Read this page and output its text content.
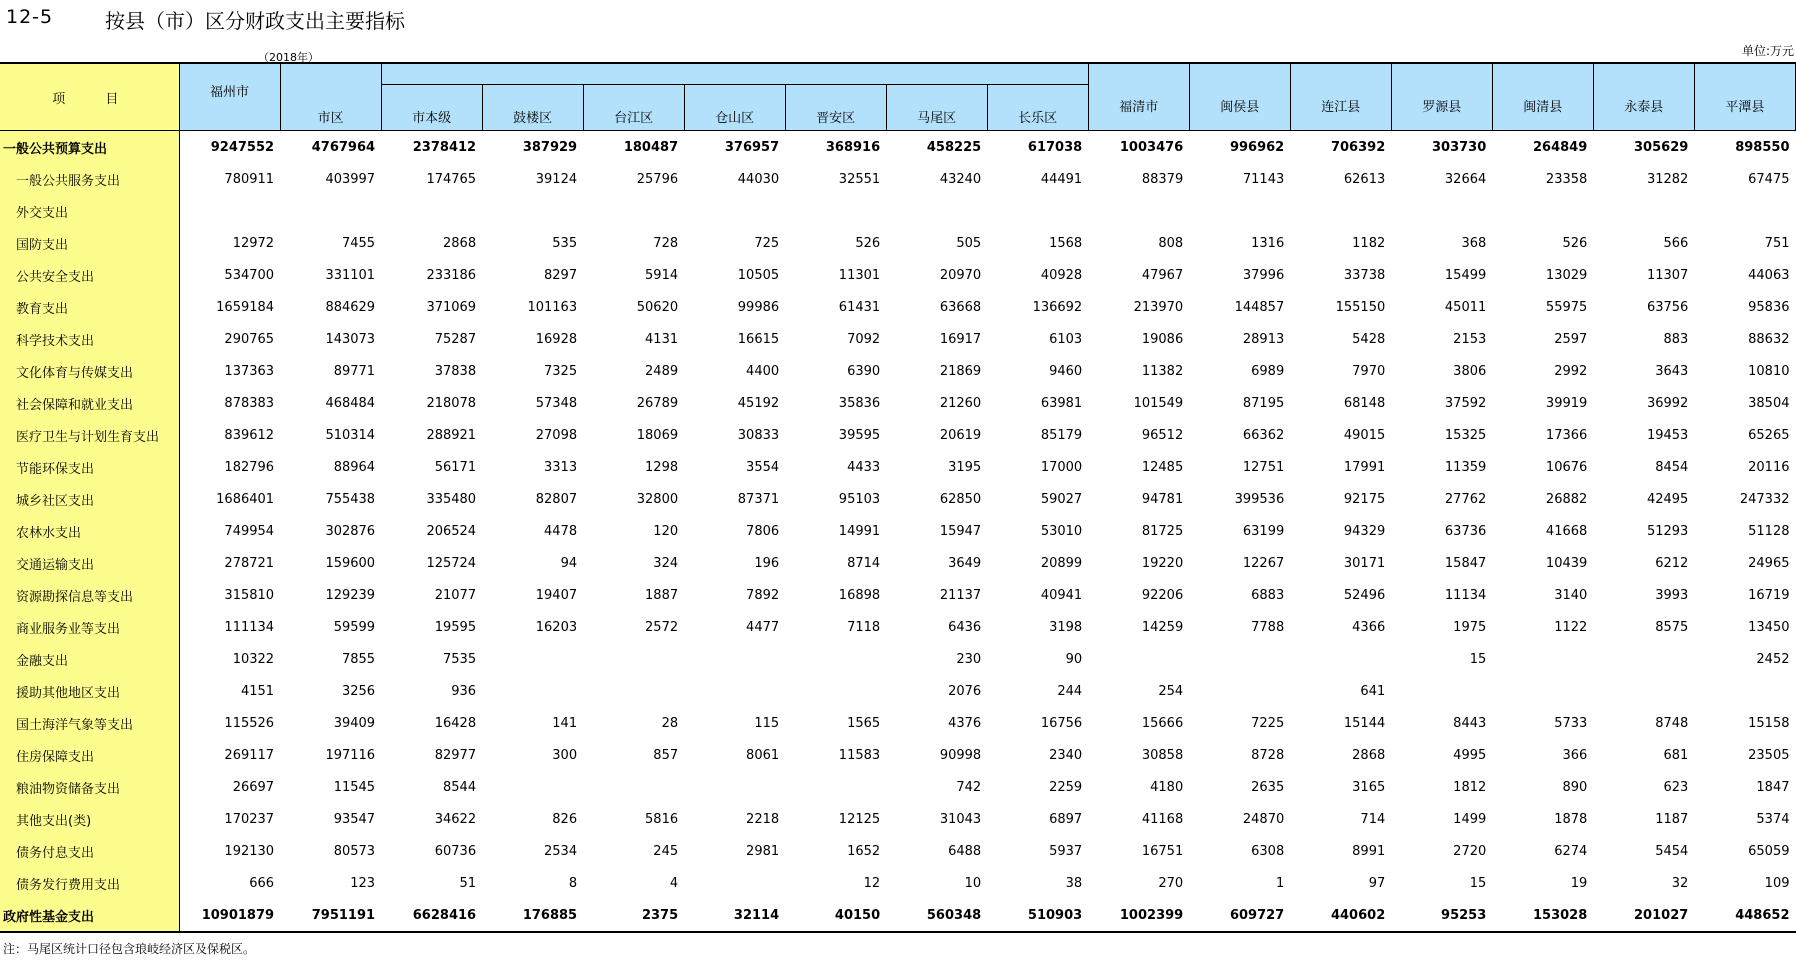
12-5	按县（市）区分财政支出主要指标
（2018年）	单位:万元
项 目	福州市	市区								福清市	闽侯县	连江县	罗源县	闽清县	永泰县	平潭县
			市本级	鼓楼区	台江区	仓山区	晋安区	马尾区	长乐区							
一般公共预算支出	9247552	4767964	2378412	387929	180487	376957	368916	458225	617038	1003476	996962	706392	303730	264849	305629	898550
一般公共服务支出	780911	403997	174765	39124	25796	44030	32551	43240	44491	88379	71143	62613	32664	23358	31282	67475
外交支出																
国防支出	12972	7455	2868	535	728	725	526	505	1568	808	1316	1182	368	526	566	751
公共安全支出	534700	331101	233186	8297	5914	10505	11301	20970	40928	47967	37996	33738	15499	13029	11307	44063
教育支出	1659184	884629	371069	101163	50620	99986	61431	63668	136692	213970	144857	155150	45011	55975	63756	95836
科学技术支出	290765	143073	75287	16928	4131	16615	7092	16917	6103	19086	28913	5428	2153	2597	883	88632
文化体育与传媒支出	137363	89771	37838	7325	2489	4400	6390	21869	9460	11382	6989	7970	3806	2992	3643	10810
社会保障和就业支出	878383	468484	218078	57348	26789	45192	35836	21260	63981	101549	87195	68148	37592	39919	36992	38504
医疗卫生与计划生育支出	839612	510314	288921	27098	18069	30833	39595	20619	85179	96512	66362	49015	15325	17366	19453	65265
节能环保支出	182796	88964	56171	3313	1298	3554	4433	3195	17000	12485	12751	17991	11359	10676	8454	20116
城乡社区支出	1686401	755438	335480	82807	32800	87371	95103	62850	59027	94781	399536	92175	27762	26882	42495	247332
农林水支出	749954	302876	206524	4478	120	7806	14991	15947	53010	81725	63199	94329	63736	41668	51293	51128
交通运输支出	278721	159600	125724	94	324	196	8714	3649	20899	19220	12267	30171	15847	10439	6212	24965
资源勘探信息等支出	315810	129239	21077	19407	1887	7892	16898	21137	40941	92206	6883	52496	11134	3140	3993	16719
商业服务业等支出	111134	59599	19595	16203	2572	4477	7118	6436	3198	14259	7788	4366	1975	1122	8575	13450
金融支出	10322	7855	7535					230	90				15			2452
援助其他地区支出	4151	3256	936					2076	244	254		641				
国土海洋气象等支出	115526	39409	16428	141	28	115	1565	4376	16756	15666	7225	15144	8443	5733	8748	15158
住房保障支出	269117	197116	82977	300	857	8061	11583	90998	2340	30858	8728	2868	4995	366	681	23505
粮油物资储备支出	26697	11545	8544					742	2259	4180	2635	3165	1812	890	623	1847
其他支出(类)	170237	93547	34622	826	5816	2218	12125	31043	6897	41168	24870	714	1499	1878	1187	5374
债务付息支出	192130	80573	60736	2534	245	2981	1652	6488	5937	16751	6308	8991	2720	6274	5454	65059
债务发行费用支出	666	123	51	8	4		12	10	38	270	1	97	15	19	32	109
政府性基金支出	10901879	7951191	6628416	176885	2375	32114	40150	560348	510903	1002399	609727	440602	95253	153028	201027	448652
注：马尾区统计口径包含琅岐经济区及保税区。
